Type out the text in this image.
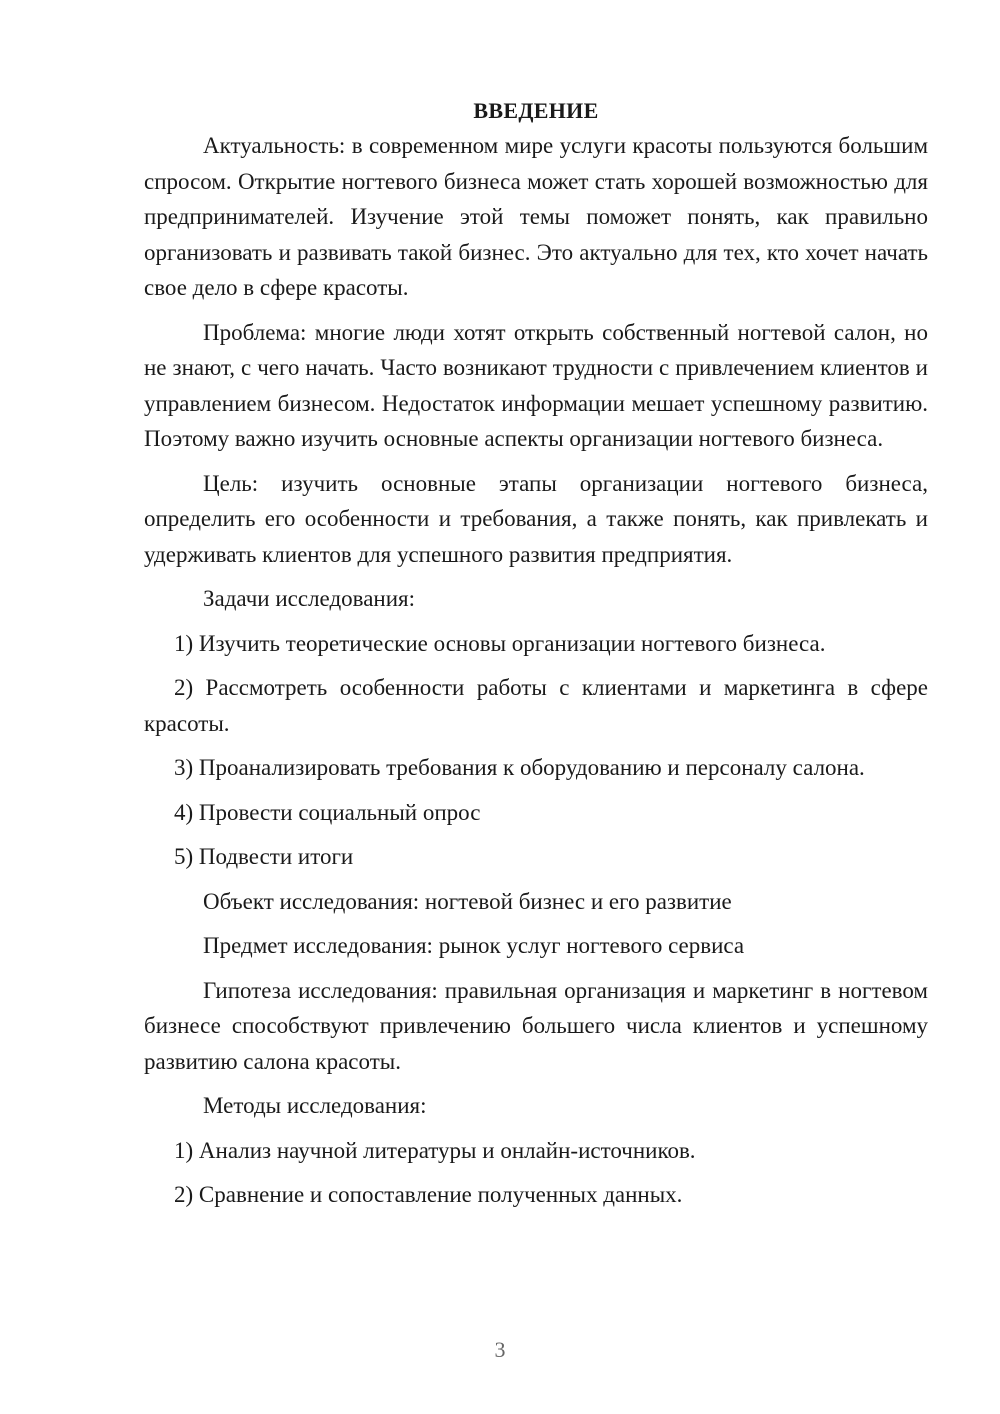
ВВЕДЕНИЕ

Актуальность: в современном мире услуги красоты пользуются большим спросом. Открытие ногтевого бизнеса может стать хорошей возможностью для предпринимателей. Изучение этой темы поможет понять, как правильно организовать и развивать такой бизнес. Это актуально для тех, кто хочет начать свое дело в сфере красоты.

Проблема: многие люди хотят открыть собственный ногтевой салон, но не знают, с чего начать. Часто возникают трудности с привлечением клиентов и управлением бизнесом. Недостаток информации мешает успешному развитию. Поэтому важно изучить основные аспекты организации ногтевого бизнеса.

Цель: изучить основные этапы организации ногтевого бизнеса, определить его особенности и требования, а также понять, как привлекать и удерживать клиентов для успешного развития предприятия.

Задачи исследования:

1) Изучить теоретические основы организации ногтевого бизнеса.

2) Рассмотреть особенности работы с клиентами и маркетинга в сфере красоты.

3) Проанализировать требования к оборудованию и персоналу салона.

4) Провести социальный опрос

5) Подвести итоги

Объект исследования: ногтевой бизнес и его развитие

Предмет исследования: рынок услуг ногтевого сервиса

Гипотеза исследования: правильная организация и маркетинг в ногтевом бизнесе способствуют привлечению большего числа клиентов и успешному развитию салона красоты.

Методы исследования:

1) Анализ научной литературы и онлайн-источников.

2) Сравнение и сопоставление полученных данных.

3
